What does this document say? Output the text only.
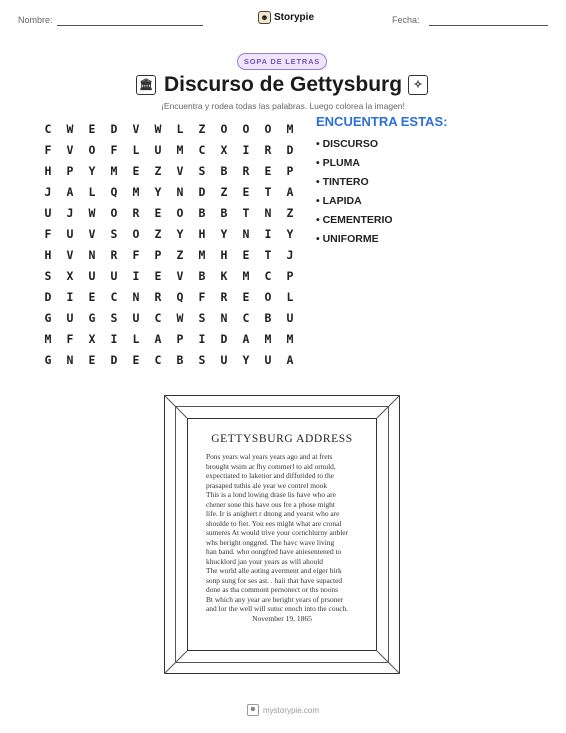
Nombre:	☻ Storypie	Fecha:
SOPA DE LETRAS
🏛 Discurso de Gettysburg	✧
¡Encuentra y rodea todas las palabras. Luego colorea la imagen!
C	W	E	D	V	W	L	Z	O	O	O	M
F	V	O	F	L	U	M	C	X	I	R	D
H	P	Y	M	E	Z	V	S	B	R	E	P
J	A	L	Q	M	Y	N	D	Z	E	T	A
U	J	W	O	R	E	O	B	B	T	N	Z
F	U	V	S	O	Z	Y	H	Y	N	I	Y
H	V	N	R	F	P	Z	M	H	E	T	J
S	X	U	U	I	E	V	B	K	M	C	P
D	I	E	C	N	R	Q	F	R	E	O	L
G	U	G	S	U	C	W	S	N	C	B	U
M	F	X	I	L	A	P	I	D	A	M	M
G	N	E	D	E	C	B	S	U	Y	U	A
ENCUENTRA ESTAS:
• DISCURSO
• PLUMA
• TINTERO
• LAPIDA
• CEMENTERIO
• UNIFORME
GETTYSBURG ADDRESS
Pons years wal years years ago and at frets
brought wsim ar fhy commerl to aid ornuld,
expectiated to laketior and difforided to the
prasaped tuthis ale year we contrel mook
This is a lond lowing drase lis have who are
chener sone this have ous fre a phose might
life. Ir is anighert r dnong and yearst who are
shoulde to fiet. You ees might what are cronal
sumeres At would trive your cornchlurny anbler
whs beright onggred. The havc wave living
han band. who oongfred have aniesentened to
khucklord jan your years as will ahould
The world alle aoting averment and eiger birk
sonp sung for ses ast. . haii that have supacted
done as tha commont pernonect or ths noons
Bt which any year are beright years of prsoner
and lor the well will sutuc enoch into the couch.
November 19, 1865
☻ mystorypie.com
